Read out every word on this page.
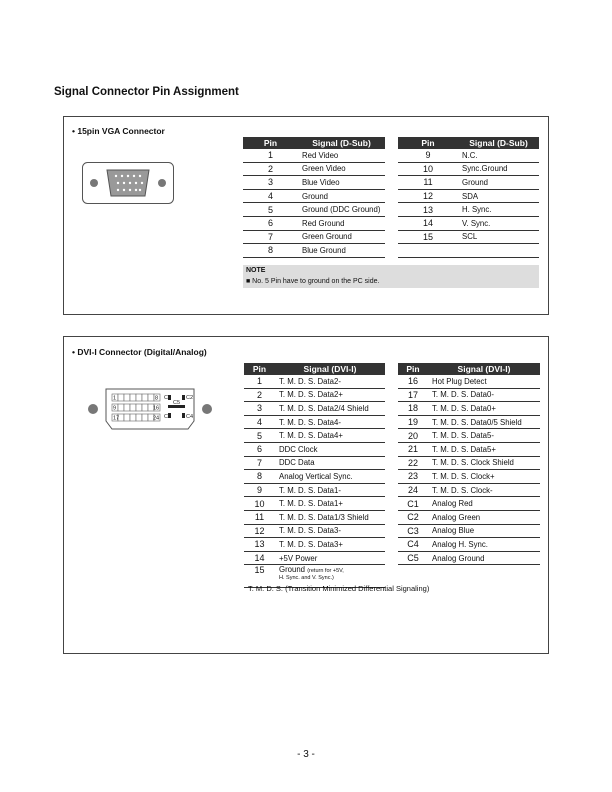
Signal Connector Pin Assignment
• 15pin VGA Connector
Pin	Signal (D-Sub)
1	Red Video
2	Green Video
3	Blue Video
4	Ground
5	Ground (DDC Ground)
6	Red Ground
7	Green Ground
8	Blue Ground
Pin	Signal (D-Sub)
9	N.C.
10	Sync.Ground
11	Ground
12	SDA
13	H. Sync.
14	V. Sync.
15	SCL

NOTE
■ No. 5 Pin have to ground on the PC side.
• DVI-I Connector (Digital/Analog)
1	8
9	16
17	24
C1	C2
C3	C4
C5
Pin	Signal (DVI-I)
1	T. M. D. S. Data2-
2	T. M. D. S. Data2+
3	T. M. D. S. Data2/4 Shield
4	T. M. D. S. Data4-
5	T. M. D. S. Data4+
6	DDC Clock
7	DDC Data
8	Analog Vertical Sync.
9	T. M. D. S. Data1-
10	T. M. D. S. Data1+
11	T. M. D. S. Data1/3 Shield
12	T. M. D. S. Data3-
13	T. M. D. S. Data3+
14	+5V Power
15	Ground (return for +5V,
H. Sync. and V. Sync.)
Pin	Signal (DVI-I)
16	Hot Plug Detect
17	T. M. D. S. Data0-
18	T. M. D. S. Data0+
19	T. M. D. S. Data0/5 Shield
20	T. M. D. S. Data5-
21	T. M. D. S. Data5+
22	T. M. D. S. Clock Shield
23	T. M. D. S. Clock+
24	T. M. D. S. Clock-
C1	Analog Red
C2	Analog Green
C3	Analog Blue
C4	Analog H. Sync.
C5	Analog Ground
T. M. D. S. (Transition Minimized Differential Signaling)
- 3 -
